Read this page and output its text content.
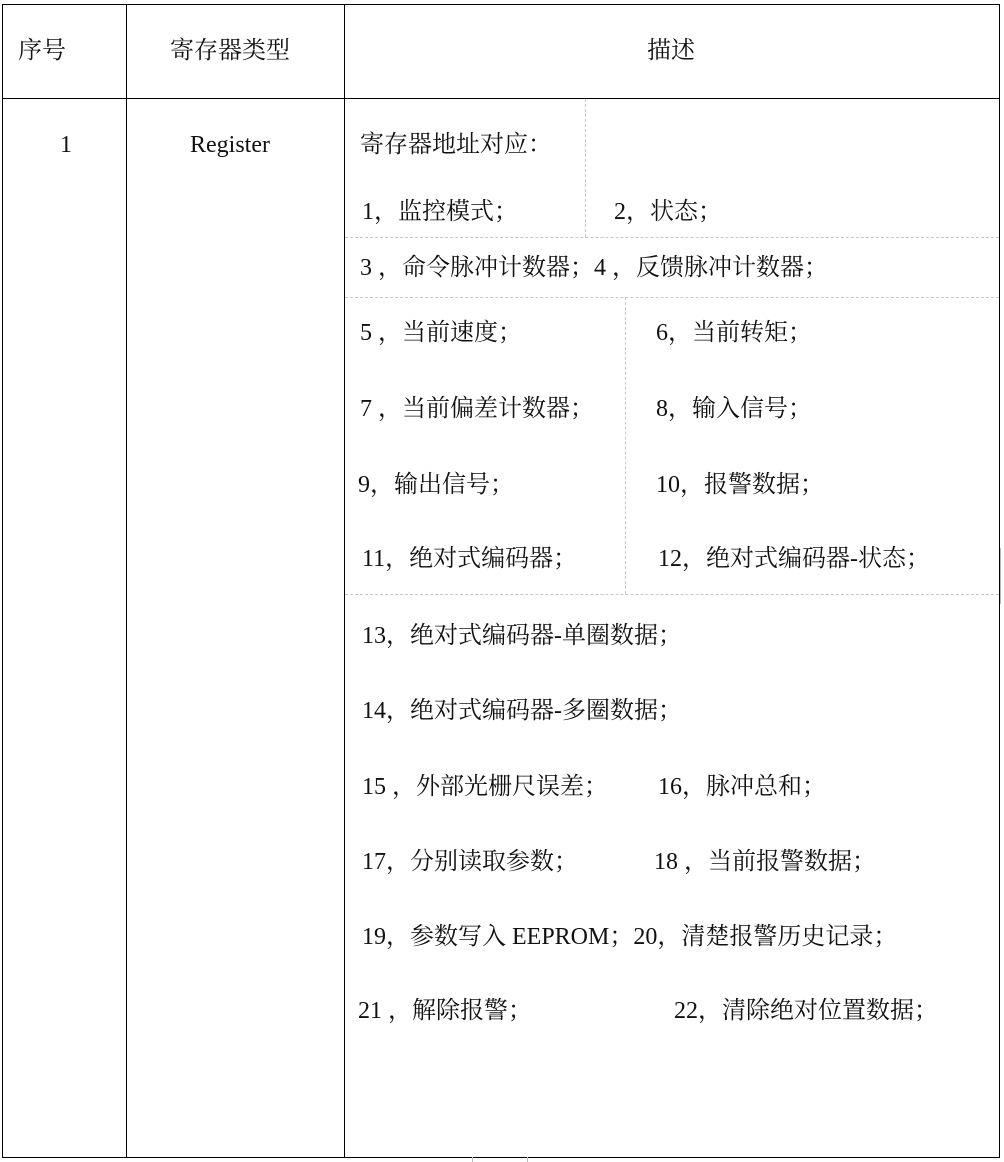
序号	寄存器类型	描述
1	Register	寄存器地址对应：
1，监控模式；	2，状态；
3 ，命令脉冲计数器；4 ，反馈脉冲计数器；
5 ，当前速度；	6，当前转矩；
7 ，当前偏差计数器；	8，输入信号；
9，输出信号；	10，报警数据；
11，绝对式编码器；	12，绝对式编码器-状态；
13，绝对式编码器-单圈数据；
14，绝对式编码器-多圈数据；
15 ，外部光栅尺误差； 16，脉冲总和；
17，分别读取参数；	18 ，当前报警数据；
19，参数写入 EEPROM；20，清楚报警历史记录；
21 ，解除报警；	22，清除绝对位置数据；
